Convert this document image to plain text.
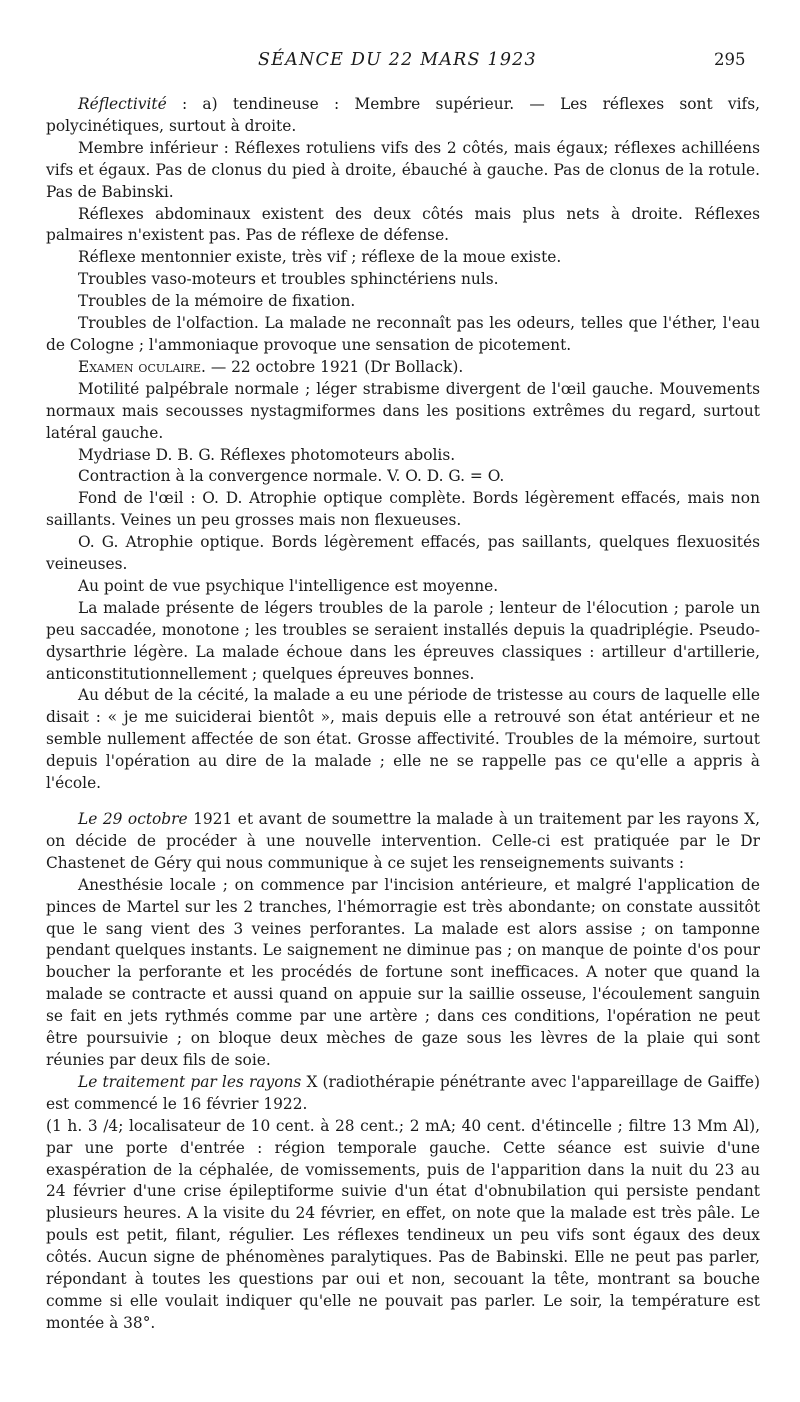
SÉANCE DU 22 MARS 1923	295

Réflectivité : a) tendineuse : Membre supérieur. — Les réflexes sont vifs, polycinétiques, surtout à droite.

Membre inférieur : Réflexes rotuliens vifs des 2 côtés, mais égaux; réflexes achilléens vifs et égaux. Pas de clonus du pied à droite, ébauché à gauche. Pas de clonus de la rotule. Pas de Babinski.

Réflexes abdominaux existent des deux côtés mais plus nets à droite. Réflexes palmaires n'existent pas. Pas de réflexe de défense.

Réflexe mentonnier existe, très vif ; réflexe de la moue existe.

Troubles vaso-moteurs et troubles sphinctériens nuls.

Troubles de la mémoire de fixation.

Troubles de l'olfaction. La malade ne reconnaît pas les odeurs, telles que l'éther, l'eau de Cologne ; l'ammoniaque provoque une sensation de picotement.

Examen oculaire. — 22 octobre 1921 (Dr Bollack).

Motilité palpébrale normale ; léger strabisme divergent de l'œil gauche. Mouvements normaux mais secousses nystagmiformes dans les positions extrêmes du regard, surtout latéral gauche.

Mydriase D. B. G. Réflexes photomoteurs abolis.

Contraction à la convergence normale. V. O. D. G. = O.

Fond de l'œil : O. D. Atrophie optique complète. Bords légèrement effacés, mais non saillants. Veines un peu grosses mais non flexueuses.

O. G. Atrophie optique. Bords légèrement effacés, pas saillants, quelques flexuosités veineuses.

Au point de vue psychique l'intelligence est moyenne.

La malade présente de légers troubles de la parole ; lenteur de l'élocution ; parole un peu saccadée, monotone ; les troubles se seraient installés depuis la quadriplégie. Pseudo-dysarthrie légère. La malade échoue dans les épreuves classiques : artilleur d'artillerie, anticonstitutionnellement ; quelques épreuves bonnes.

Au début de la cécité, la malade a eu une période de tristesse au cours de laquelle elle disait : « je me suiciderai bientôt », mais depuis elle a retrouvé son état antérieur et ne semble nullement affectée de son état. Grosse affectivité. Troubles de la mémoire, surtout depuis l'opération au dire de la malade ; elle ne se rappelle pas ce qu'elle a appris à l'école.

Le 29 octobre 1921 et avant de soumettre la malade à un traitement par les rayons X, on décide de procéder à une nouvelle intervention. Celle-ci est pratiquée par le Dr Chastenet de Géry qui nous communique à ce sujet les renseignements suivants :

Anesthésie locale ; on commence par l'incision antérieure, et malgré l'application de pinces de Martel sur les 2 tranches, l'hémorragie est très abondante; on constate aussitôt que le sang vient des 3 veines perforantes. La malade est alors assise ; on tamponne pendant quelques instants. Le saignement ne diminue pas ; on manque de pointe d'os pour boucher la perforante et les procédés de fortune sont inefficaces. A noter que quand la malade se contracte et aussi quand on appuie sur la saillie osseuse, l'écoulement sanguin se fait en jets rythmés comme par une artère ; dans ces conditions, l'opération ne peut être poursuivie ; on bloque deux mèches de gaze sous les lèvres de la plaie qui sont réunies par deux fils de soie.

Le traitement par les rayons X (radiothérapie pénétrante avec l'appareillage de Gaiffe) est commencé le 16 février 1922.

(1 h. 3 /4; localisateur de 10 cent. à 28 cent.; 2 mA; 40 cent. d'étincelle ; filtre 13 Mm Al), par une porte d'entrée : région temporale gauche. Cette séance est suivie d'une exaspération de la céphalée, de vomissements, puis de l'apparition dans la nuit du 23 au 24 février d'une crise épileptiforme suivie d'un état d'obnubilation qui persiste pendant plusieurs heures. A la visite du 24 février, en effet, on note que la malade est très pâle. Le pouls est petit, filant, régulier. Les réflexes tendineux un peu vifs sont égaux des deux côtés. Aucun signe de phénomènes paralytiques. Pas de Babinski. Elle ne peut pas parler, répondant à toutes les questions par oui et non, secouant la tête, montrant sa bouche comme si elle voulait indiquer qu'elle ne pouvait pas parler. Le soir, la température est montée à 38°.
